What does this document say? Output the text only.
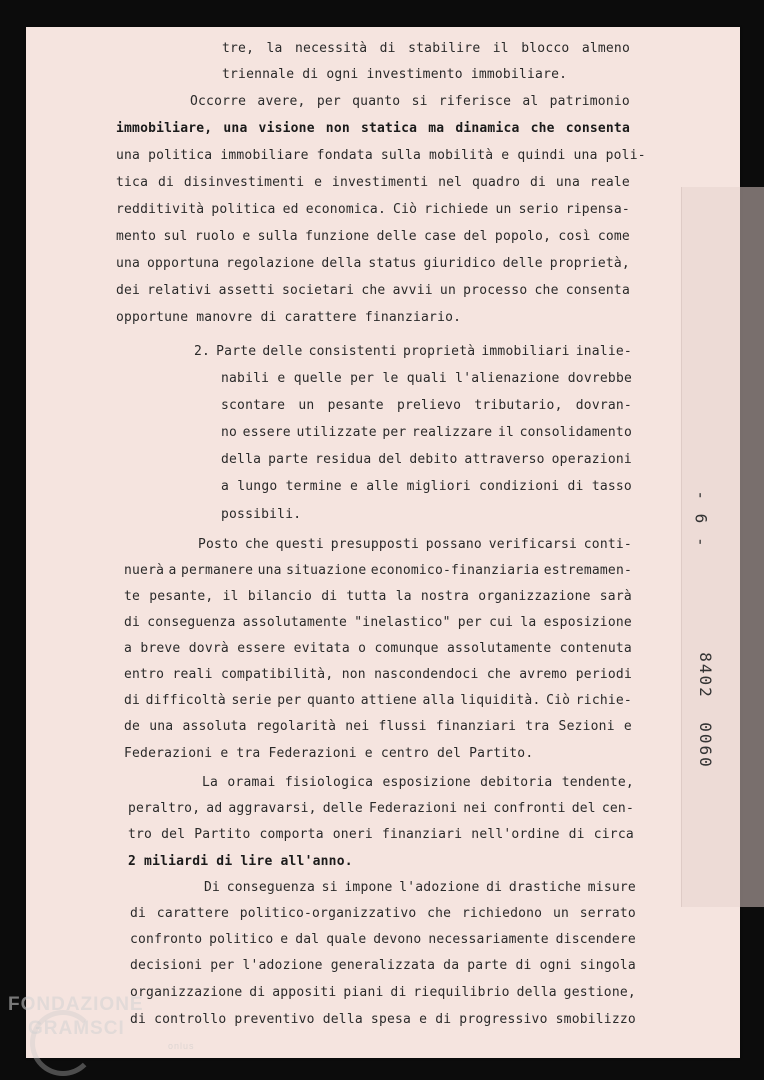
tre, la necessità di stabilire il blocco almeno
triennale di ogni investimento immobiliare.
Occorre avere, per quanto si riferisce al patrimonio
immobiliare, una visione non statica ma dinamica che consenta
una politica immobiliare fondata sulla mobilità e quindi una poli-
tica di disinvestimenti e investimenti nel quadro di una reale
redditività politica ed economica. Ciò richiede un serio ripensa-
mento sul ruolo e sulla funzione delle case del popolo, così come
una opportuna regolazione della status giuridico delle proprietà,
dei relativi assetti societari che avvii un processo che consenta
opportune manovre di carattere finanziario.
2. Parte delle consistenti proprietà immobiliari inalie-
nabili e quelle per le quali l'alienazione dovrebbe
scontare un pesante prelievo tributario, dovran-
no essere utilizzate per realizzare il consolidamento
della parte residua del debito attraverso operazioni
a lungo termine e alle migliori condizioni di tasso
possibili.
Posto che questi presupposti possano verificarsi conti-
nuerà a permanere una situazione economico-finanziaria estremamen-
te pesante, il bilancio di tutta la nostra organizzazione sarà
di conseguenza assolutamente "inelastico" per cui la esposizione
a breve dovrà essere evitata o comunque assolutamente contenuta
entro reali compatibilità, non nascondendoci che avremo periodi
di difficoltà serie per quanto attiene alla liquidità. Ciò richie-
de una assoluta regolarità nei flussi finanziari tra Sezioni e
Federazioni e tra Federazioni e centro del Partito.
La oramai fisiologica esposizione debitoria tendente,
peraltro, ad aggravarsi, delle Federazioni nei confronti del cen-
tro del Partito comporta oneri finanziari nell'ordine di circa
2 miliardi di lire all'anno.
Di conseguenza si impone l'adozione di drastiche misure
di carattere politico-organizzativo che richiedono un serrato
confronto politico e dal quale devono necessariamente discendere
decisioni per l'adozione generalizzata da parte di ogni singola
organizzazione di appositi piani di riequilibrio della gestione,
di controllo preventivo della spesa e di progressivo smobilizzo
- 6 -
8402
0060
FONDAZIONE
GRAMSCI
onlus
